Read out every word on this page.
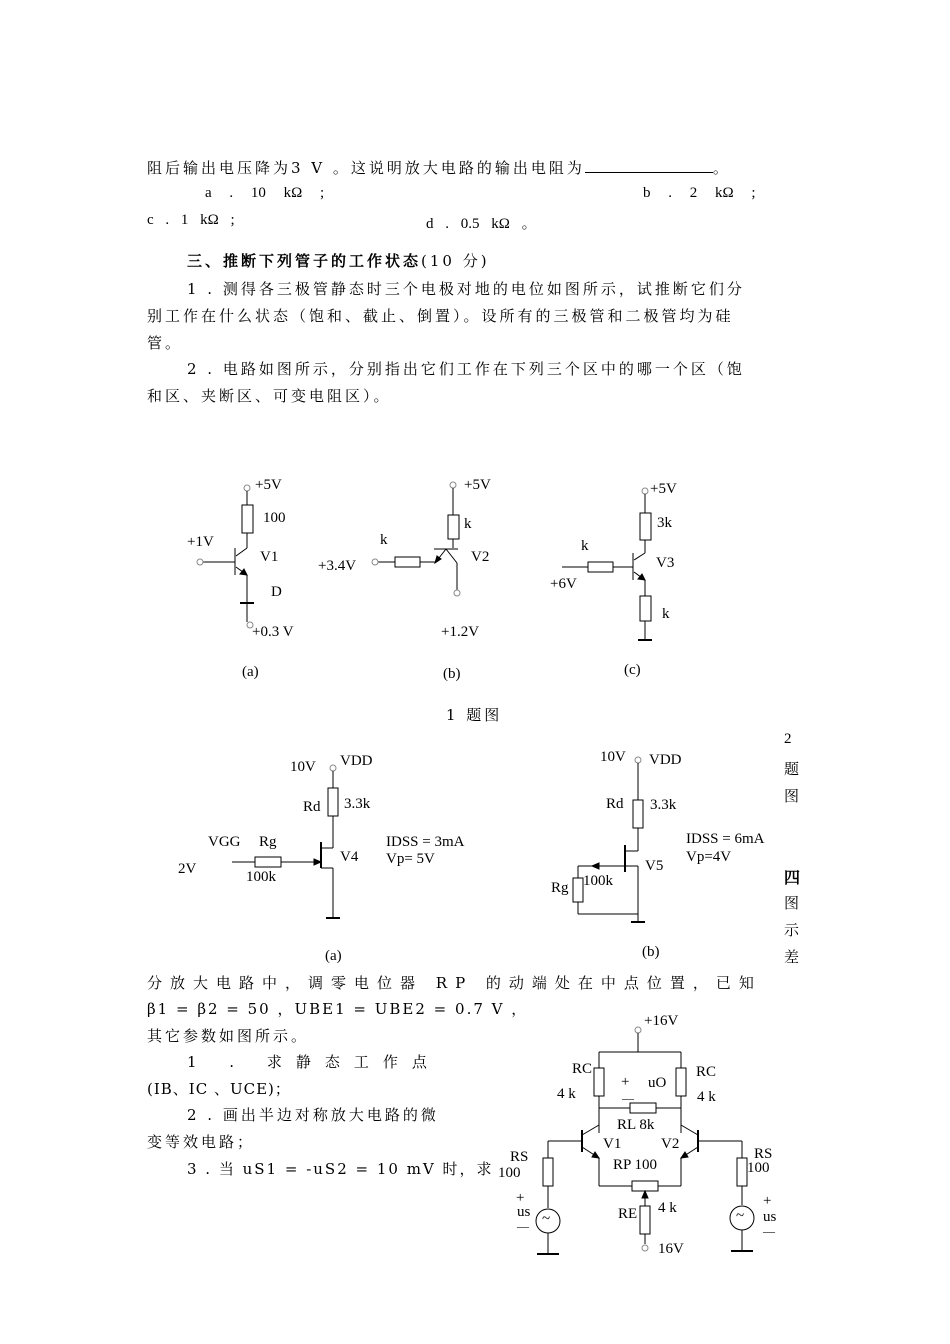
阻后输出电压降为3 V 。这说明放大电路的输出电阻为	。
a . 10 kΩ ;	b . 2 kΩ ;
c . 1 kΩ ;	d . 0.5 kΩ 。
三、推断下列管子的工作状态(10 分)
1 . 测得各三极管静态时三个电极对地的电位如图所示，试推断它们分
别工作在什么状态（饱和、截止、倒置）。设所有的三极管和二极管均为硅
管。
2 . 电路如图所示，分别指出它们工作在下列三个区中的哪一个区（饱
和区、夹断区、可变电阻区）。
+5V
100
+1V
V1
D
+0.3 V
(a)
+5V
k
k
+3.4V
V2
+1.2V
(b)
+5V
3k
k
V3
+6V
k
(c)
1 题图
10V VDD
Rd 3.3k
VGG Rg	IDSS = 3mA
V4 Vp= 5V
2V	100k
(a)
10V VDD
Rd 3.3k
IDSS = 6mA
Vp=4V
V5
100k
Rg
(b)
2
题
图
四
图
示
差
分放大电路中，调零电位器 RP 的动端处在中点位置，已知
β1 = β2 = 50 ，UBE1 = UBE2 = 0.7 V ，
其它参数如图所示。
1 . 求静态工作点
(IB、IC 、UCE)；
2 . 画出半边对称放大电路的微
变等效电路；
3 . 当 uS1 = -uS2 = 10 mV 时，求
+16V
RC	RC
+ uO
4 k	4 k
—
RL 8k
V1	V2
RS	RS
RP 100
100	100
+	+
4 k
us	RE	us
~	~
—	—
16V
